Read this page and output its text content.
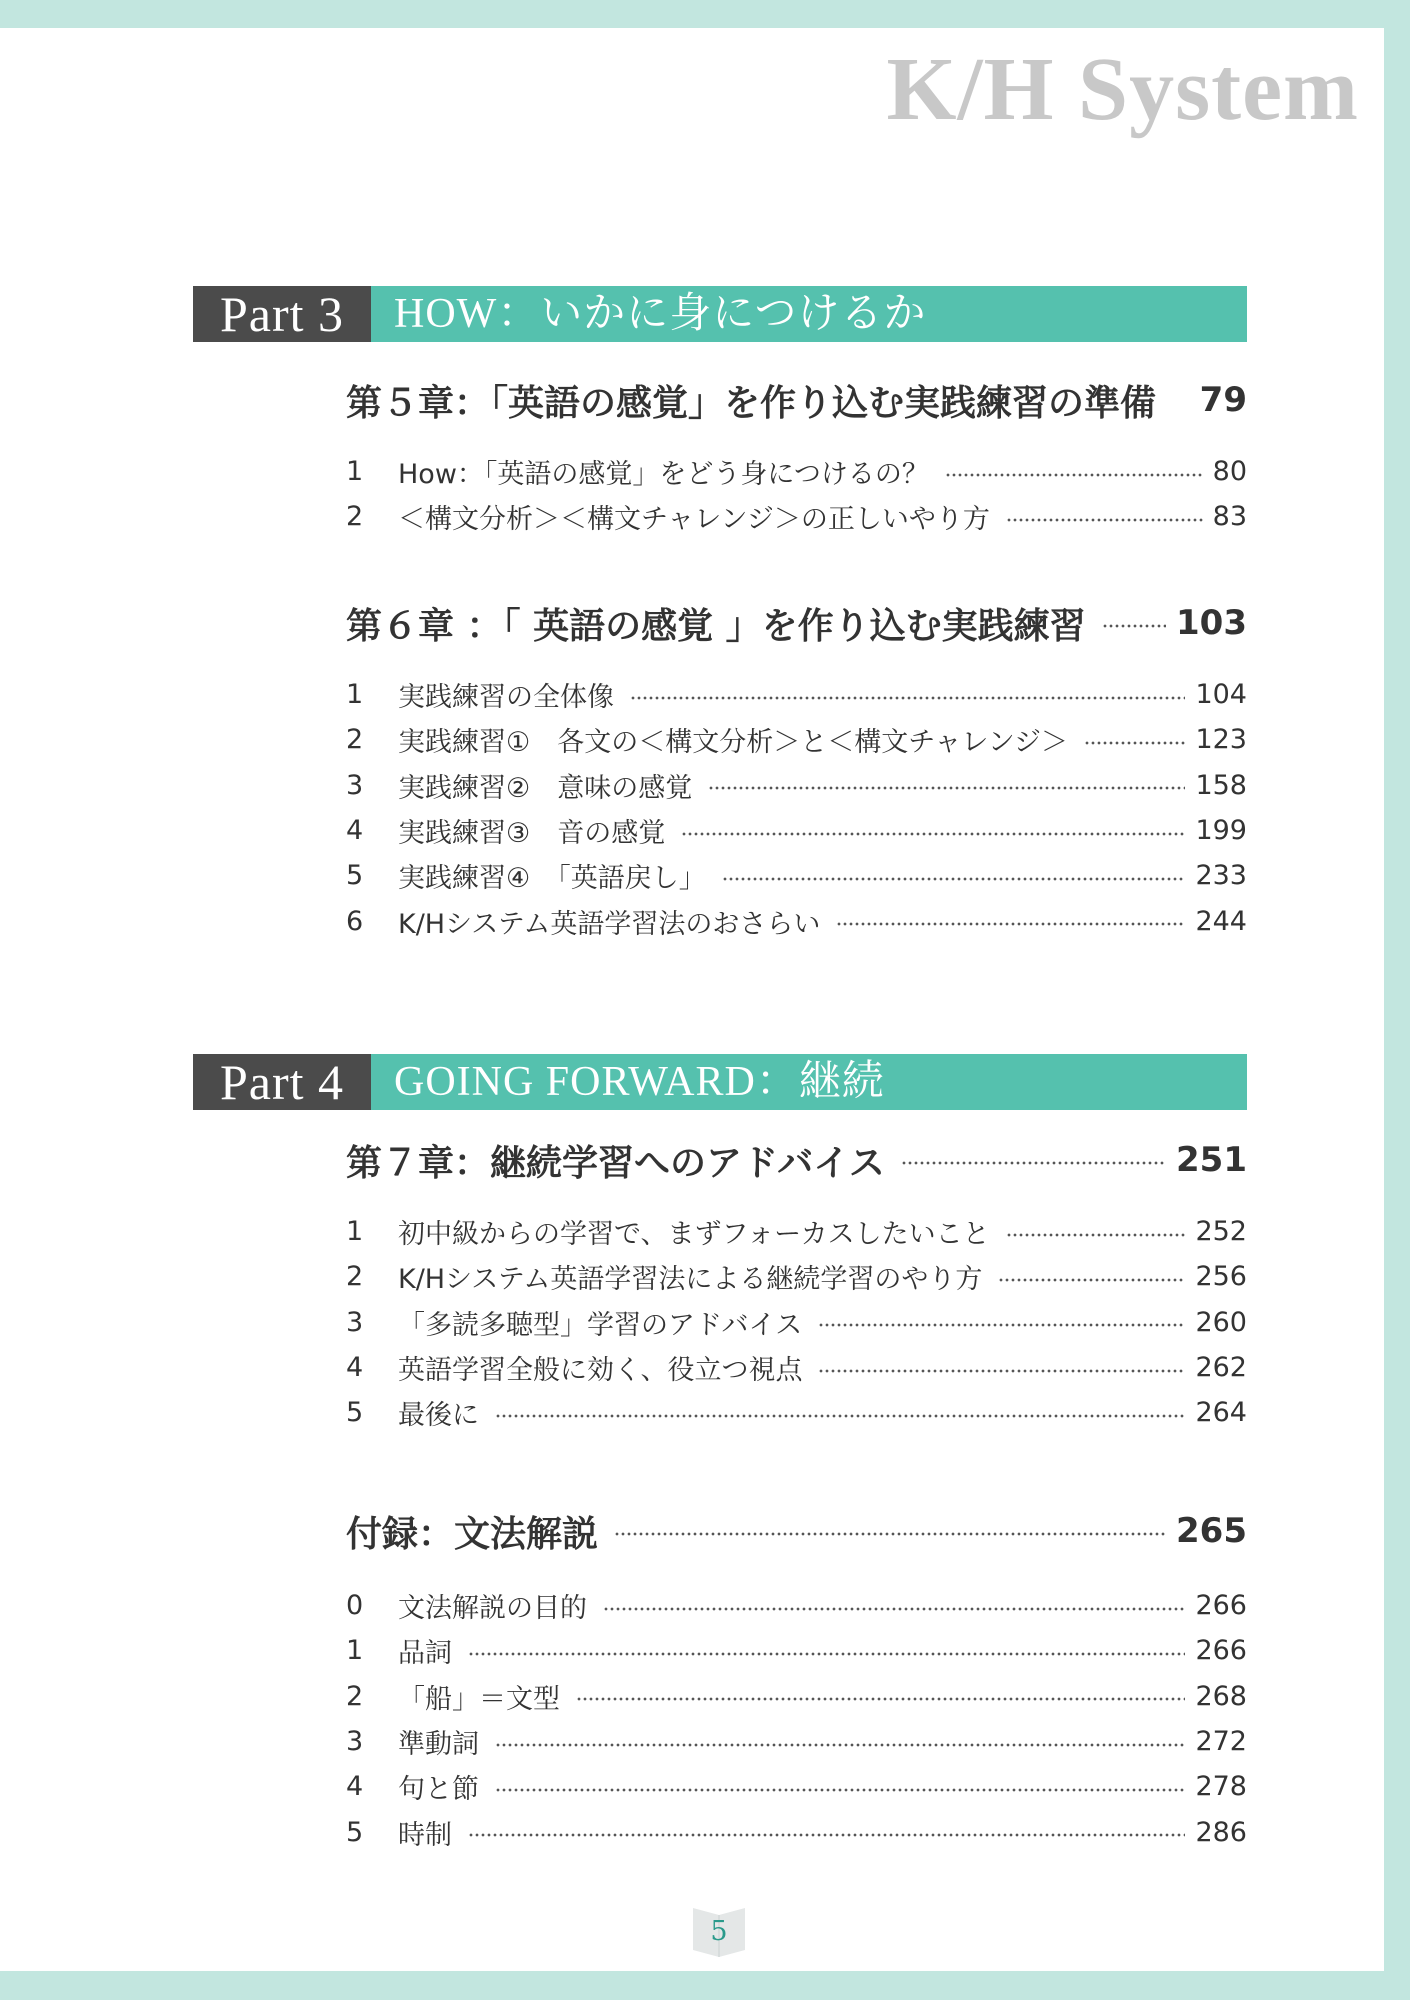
K/H System
Part 3	HOW：いかに身につけるか
第５章：「英語の感覚」を作り込む実践練習の準備 79
1	How：「英語の感覚」をどう身につけるの？	80
2	＜構文分析＞＜構文チャレンジ＞の正しいやり方	83
第６章 ：「 英語の感覚 」を作り込む実践練習	103
1	実践練習の全体像	104
2	実践練習①　各文の＜構文分析＞と＜構文チャレンジ＞	123
3	実践練習②　意味の感覚	158
4	実践練習③　音の感覚	199
5	実践練習④　「英語戻し」	233
6	K/Hシステム英語学習法のおさらい	244
Part 4	GOING FORWARD：継続
第７章：継続学習へのアドバイス	251
1	初中級からの学習で、まずフォーカスしたいこと	252
2	K/Hシステム英語学習法による継続学習のやり方	256
3	「多読多聴型」学習のアドバイス	260
4	英語学習全般に効く、役立つ視点	262
5	最後に	264
付録：文法解説	265
0	文法解説の目的	266
1	品詞	266
2	「船」＝文型	268
3	準動詞	272
4	句と節	278
5	時制	286
5
